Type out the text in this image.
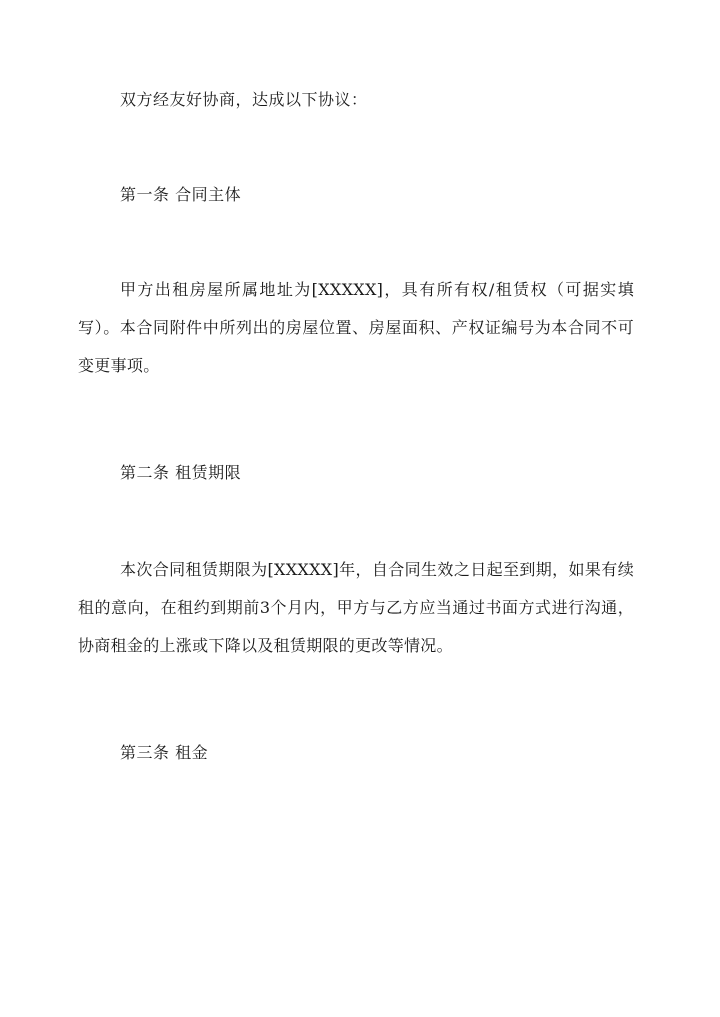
双方经友好协商，达成以下协议：
第一条 合同主体
甲方出租房屋所属地址为[XXXXX]，具有所有权/租赁权（可据实填写）。本合同附件中所列出的房屋位置、房屋面积、产权证编号为本合同不可变更事项。
第二条 租赁期限
本次合同租赁期限为[XXXXX]年，自合同生效之日起至到期，如果有续租的意向，在租约到期前3个月内，甲方与乙方应当通过书面方式进行沟通，协商租金的上涨或下降以及租赁期限的更改等情况。
第三条 租金
